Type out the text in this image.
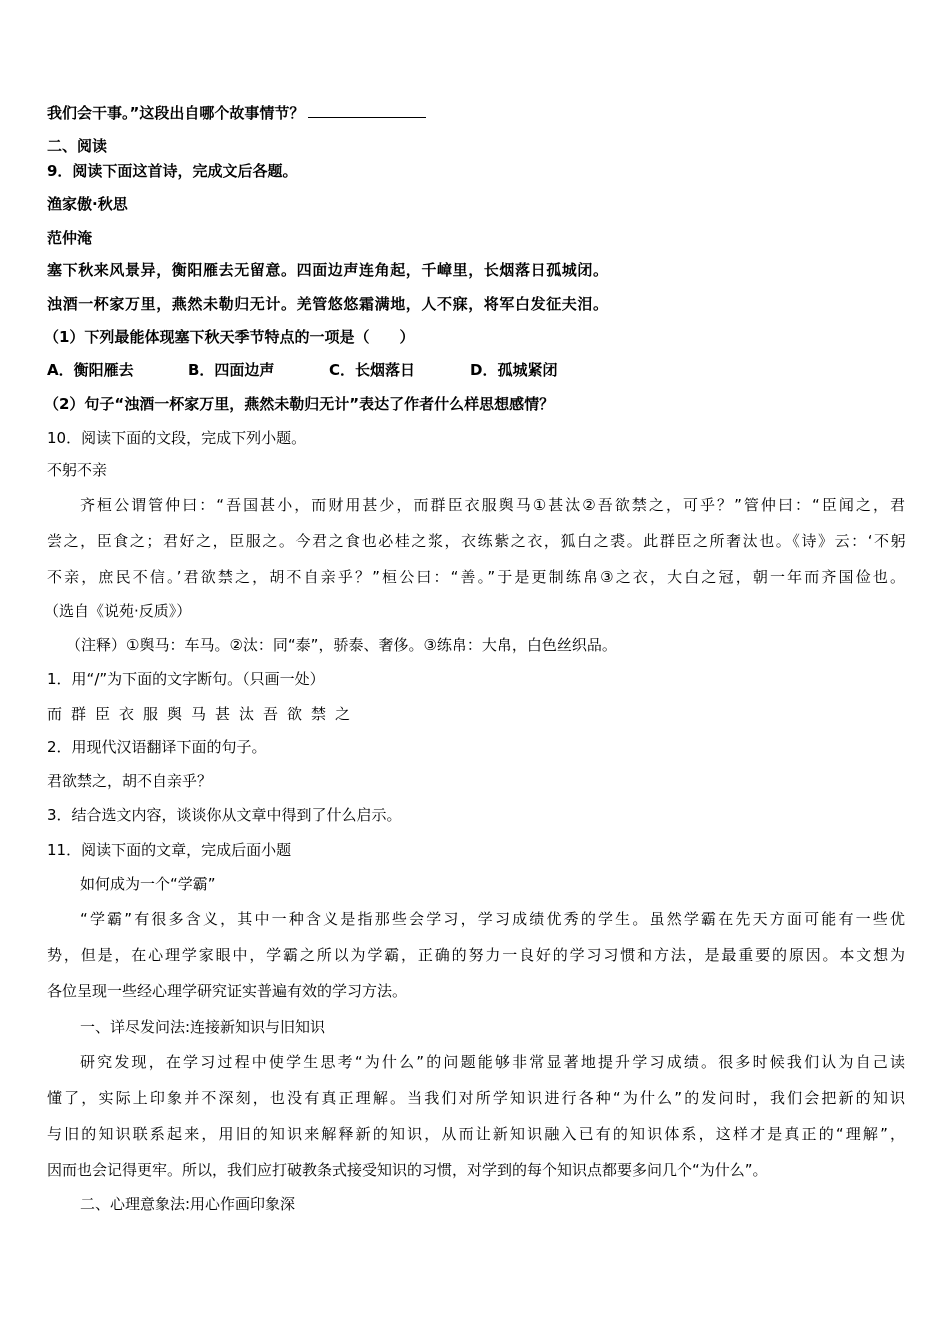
我们会干事。”这段出自哪个故事情节？
二、阅读
9．阅读下面这首诗，完成文后各题。
渔家傲·秋思
范仲淹
塞下秋来风景异，衡阳雁去无留意。四面边声连角起，千嶂里，长烟落日孤城闭。
浊酒一杯家万里，燕然未勒归无计。羌管悠悠霜满地，人不寐，将军白发征夫泪。
（1）下列最能体现塞下秋天季节特点的一项是（　　）
A．衡阳雁去	B．四面边声	C．长烟落日	D．孤城紧闭
（2）句子“浊酒一杯家万里，燕然未勒归无计”表达了作者什么样思想感情？
10．阅读下面的文段，完成下列小题。
不躬不亲
齐桓公谓管仲曰：“吾国甚小，而财用甚少，而群臣衣服舆马①甚汰②吾欲禁之，可乎？”管仲曰：“臣闻之，君
尝之，臣食之；君好之，臣服之。今君之食也必桂之浆，衣练紫之衣，狐白之裘。此群臣之所奢汰也。《诗》云：‘不躬
不亲，庶民不信。’君欲禁之，胡不自亲乎？”桓公曰：“善。”于是更制练帛③之衣，大白之冠，朝一年而齐国俭也。
（选自《说苑·反质》）
（注释）①舆马：车马。②汰：同“泰”，骄泰、奢侈。③练帛：大帛，白色丝织品。
1．用“/”为下面的文字断句。（只画一处）
而群臣衣服舆马甚汰吾欲禁之
2．用现代汉语翻译下面的句子。
君欲禁之，胡不自亲乎？
3．结合选文内容，谈谈你从文章中得到了什么启示。
11．阅读下面的文章，完成后面小题
如何成为一个“学霸”
“学霸”有很多含义，其中一种含义是指那些会学习，学习成绩优秀的学生。虽然学霸在先天方面可能有一些优
势，但是，在心理学家眼中，学霸之所以为学霸，正确的努力一良好的学习习惯和方法，是最重要的原因。本文想为
各位呈现一些经心理学研究证实普遍有效的学习方法。
一、详尽发问法:连接新知识与旧知识
研究发现，在学习过程中使学生思考“为什么”的问题能够非常显著地提升学习成绩。很多时候我们认为自己读
懂了，实际上印象并不深刻，也没有真正理解。当我们对所学知识进行各种“为什么”的发问时，我们会把新的知识
与旧的知识联系起来，用旧的知识来解释新的知识，从而让新知识融入已有的知识体系，这样才是真正的“理解”，
因而也会记得更牢。所以，我们应打破教条式接受知识的习惯，对学到的每个知识点都要多问几个“为什么”。
二、心理意象法:用心作画印象深
